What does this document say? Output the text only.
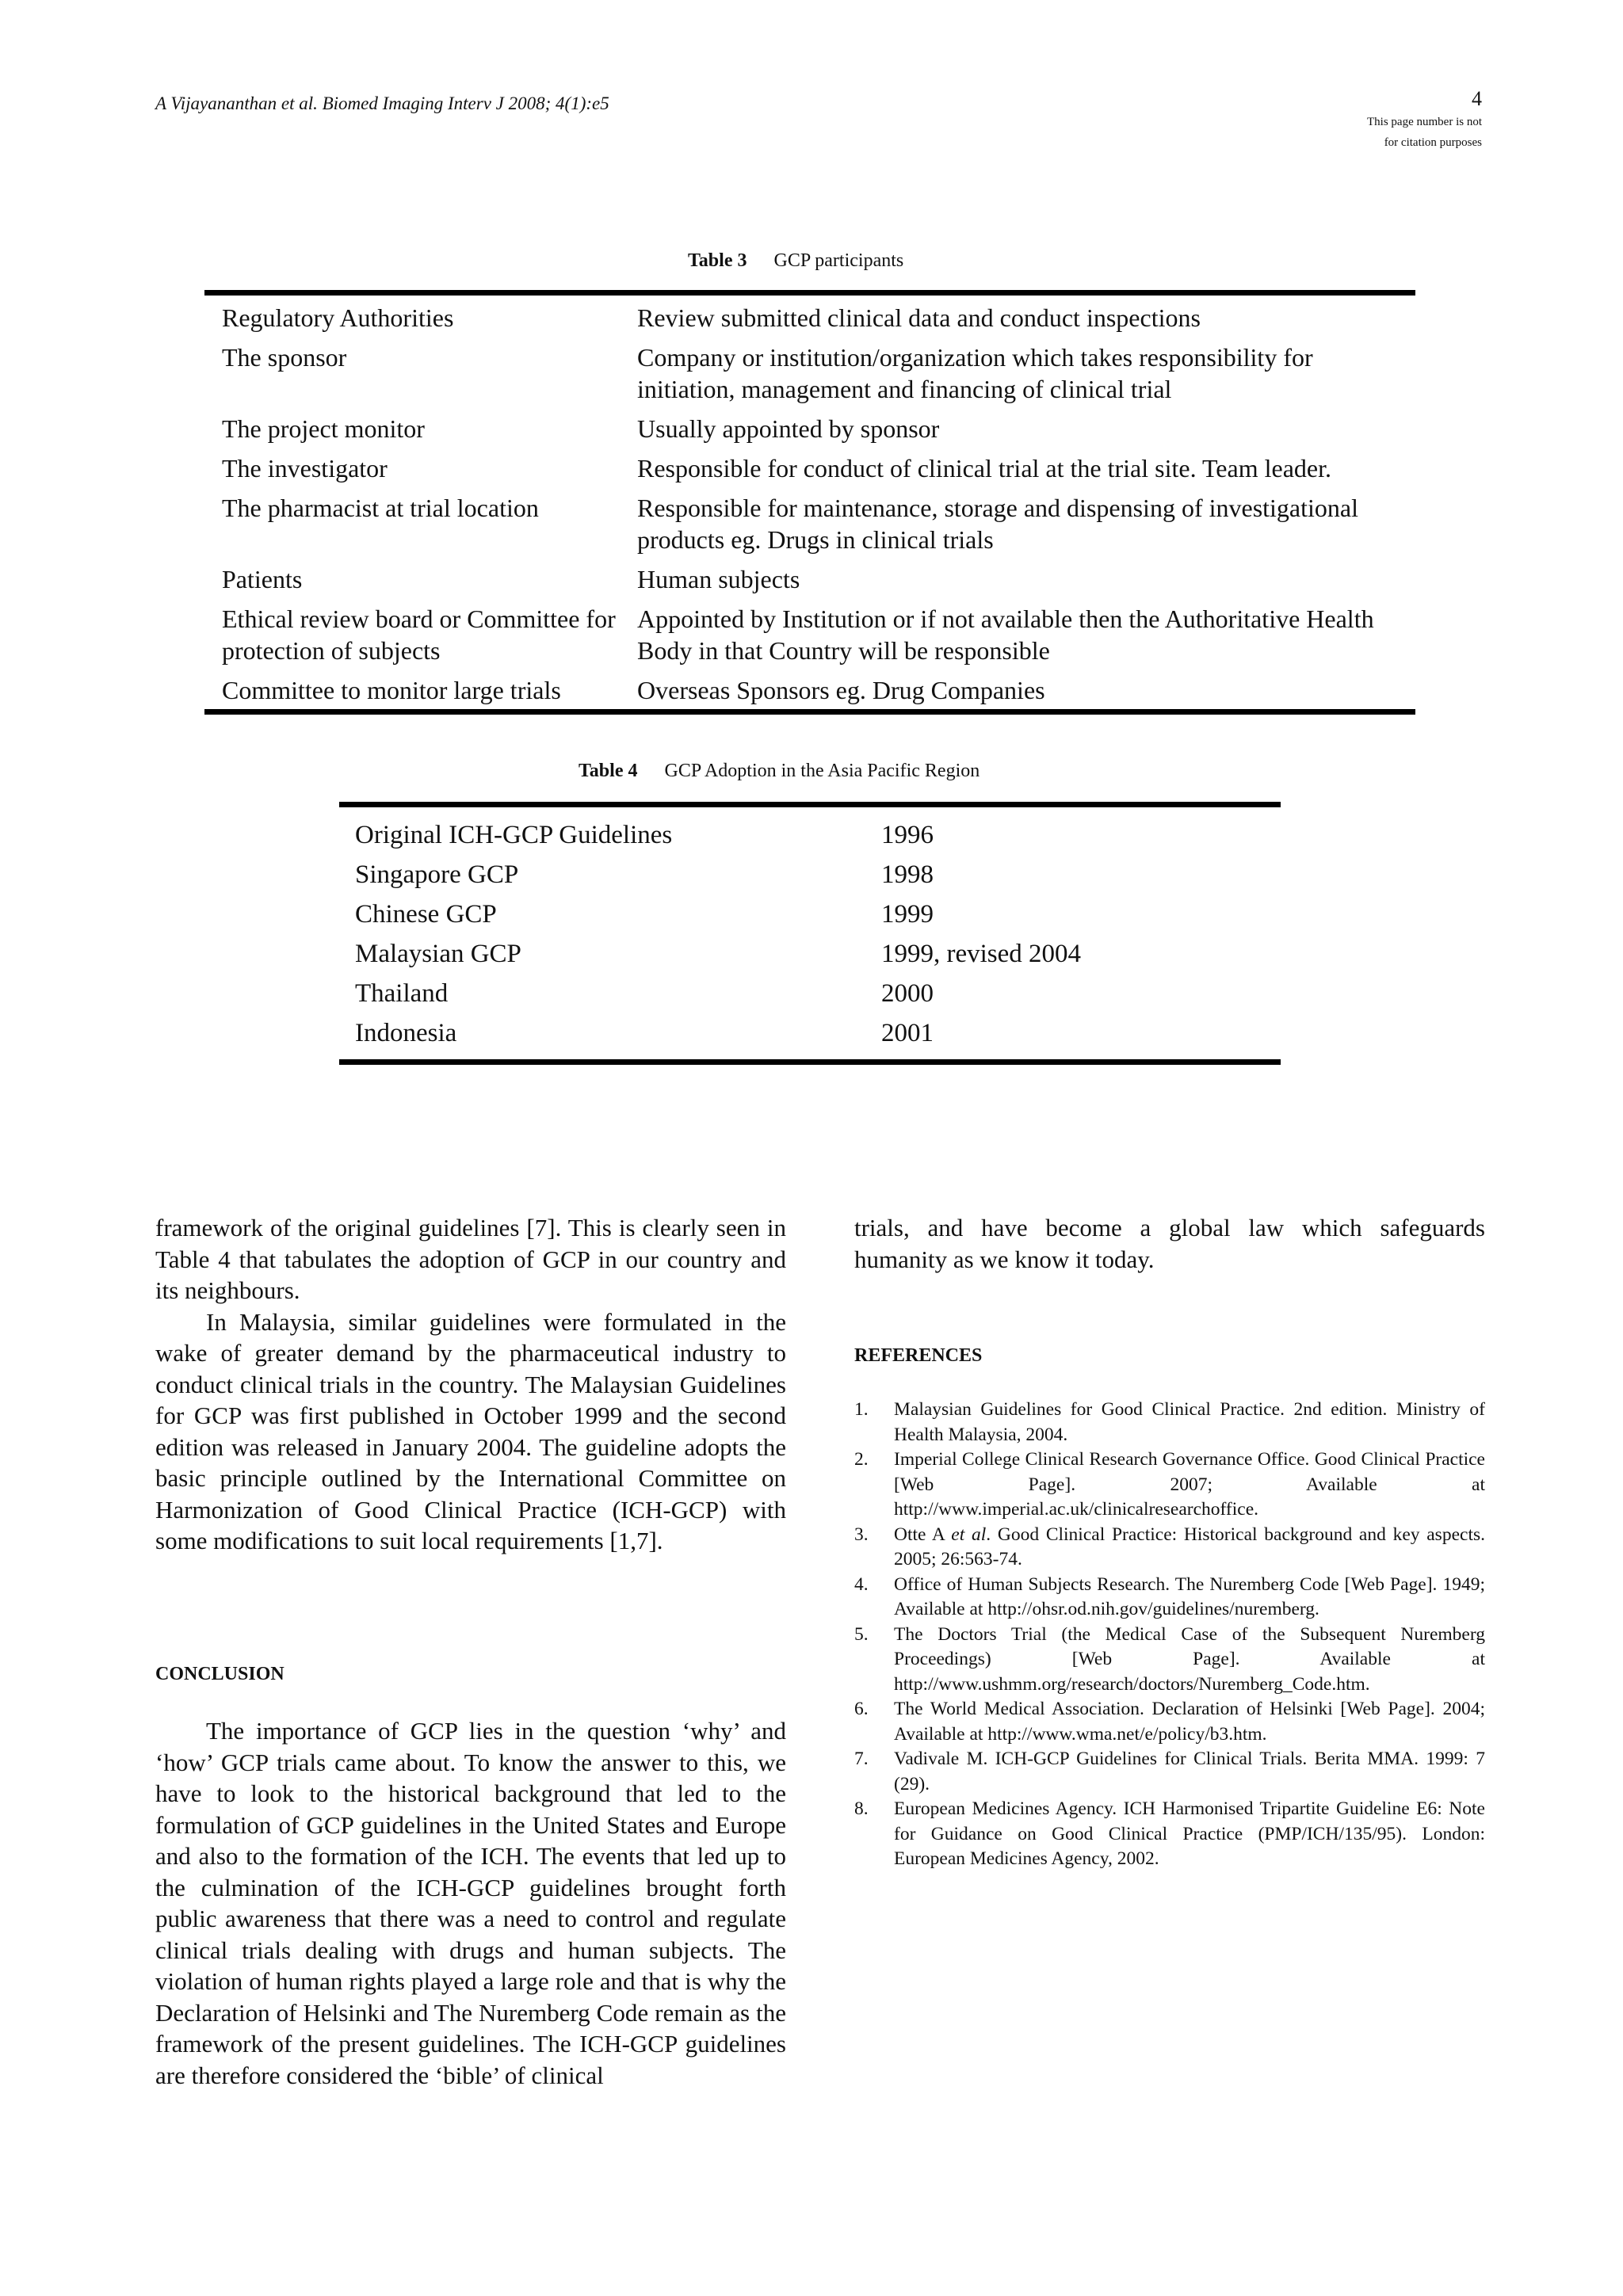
A Vijayananthan et al. Biomed Imaging Interv J 2008; 4(1):e5	4
This page number is not
for citation purposes
Table 3 GCP participants
Regulatory Authorities	Review submitted clinical data and conduct inspections
The sponsor	Company or institution/organization which takes responsibility for initiation, management and financing of clinical trial
The project monitor	Usually appointed by sponsor
The investigator	Responsible for conduct of clinical trial at the trial site. Team leader.
The pharmacist at trial location	Responsible for maintenance, storage and dispensing of investigational products eg. Drugs in clinical trials
Patients	Human subjects
Ethical review board or Committee for protection of subjects	Appointed by Institution or if not available then the Authoritative Health Body in that Country will be responsible
Committee to monitor large trials	Overseas Sponsors eg. Drug Companies
Table 4 GCP Adoption in the Asia Pacific Region
Original ICH-GCP Guidelines	1996
Singapore GCP	1998
Chinese GCP	1999
Malaysian GCP	1999, revised 2004
Thailand	2000
Indonesia	2001

framework of the original guidelines [7]. This is clearly seen in Table 4 that tabulates the adoption of GCP in our country and its neighbours.

In Malaysia, similar guidelines were formulated in the wake of greater demand by the pharmaceutical industry to conduct clinical trials in the country. The Malaysian Guidelines for GCP was first published in October 1999 and the second edition was released in January 2004. The guideline adopts the basic principle outlined by the International Committee on Harmonization of Good Clinical Practice (ICH-GCP) with some modifications to suit local requirements [1,7].

CONCLUSION

The importance of GCP lies in the question ‘why’ and ‘how’ GCP trials came about. To know the answer to this, we have to look to the historical background that led to the formulation of GCP guidelines in the United States and Europe and also to the formation of the ICH. The events that led up to the culmination of the ICH-GCP guidelines brought forth public awareness that there was a need to control and regulate clinical trials dealing with drugs and human subjects. The violation of human rights played a large role and that is why the Declaration of Helsinki and The Nuremberg Code remain as the framework of the present guidelines. The ICH-GCP guidelines are therefore considered the ‘bible’ of clinical

trials, and have become a global law which safeguards humanity as we know it today.

REFERENCES
1. Malaysian Guidelines for Good Clinical Practice. 2nd edition. Ministry of Health Malaysia, 2004.
2. Imperial College Clinical Research Governance Office. Good Clinical Practice [Web Page]. 2007; Available at http://www.imperial.ac.uk/clinicalresearchoffice.
3. Otte A et al. Good Clinical Practice: Historical background and key aspects. 2005; 26:563-74.
4. Office of Human Subjects Research. The Nuremberg Code [Web Page]. 1949; Available at http://ohsr.od.nih.gov/guidelines/nuremberg.
5. The Doctors Trial (the Medical Case of the Subsequent Nuremberg Proceedings) [Web Page]. Available at http://www.ushmm.org/research/doctors/Nuremberg_Code.htm.
6. The World Medical Association. Declaration of Helsinki [Web Page]. 2004; Available at http://www.wma.net/e/policy/b3.htm.
7. Vadivale M. ICH-GCP Guidelines for Clinical Trials. Berita MMA. 1999: 7 (29).
8. European Medicines Agency. ICH Harmonised Tripartite Guideline E6: Note for Guidance on Good Clinical Practice (PMP/ICH/135/95). London: European Medicines Agency, 2002.
